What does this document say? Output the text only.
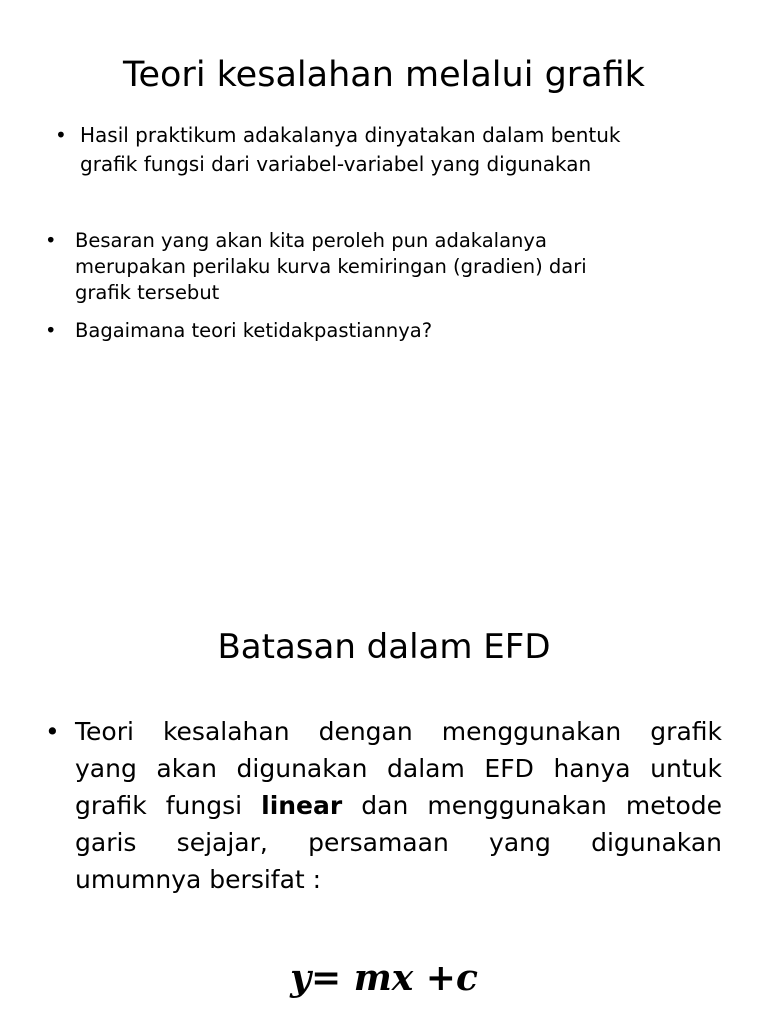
Teori kesalahan melalui grafik
• Hasil praktikum adakalanya dinyatakan dalam bentuk
grafik fungsi dari variabel-variabel yang digunakan
• Besaran yang akan kita peroleh pun adakalanya
merupakan perilaku kurva kemiringan (gradien) dari
grafik tersebut
• Bagaimana teori ketidakpastiannya?
Batasan dalam EFD
• Teori kesalahan dengan menggunakan grafik
yang akan digunakan dalam EFD hanya untuk
grafik fungsi linear dan menggunakan metode
garis sejajar, persamaan yang digunakan
umumnya bersifat :
y= mx +c
